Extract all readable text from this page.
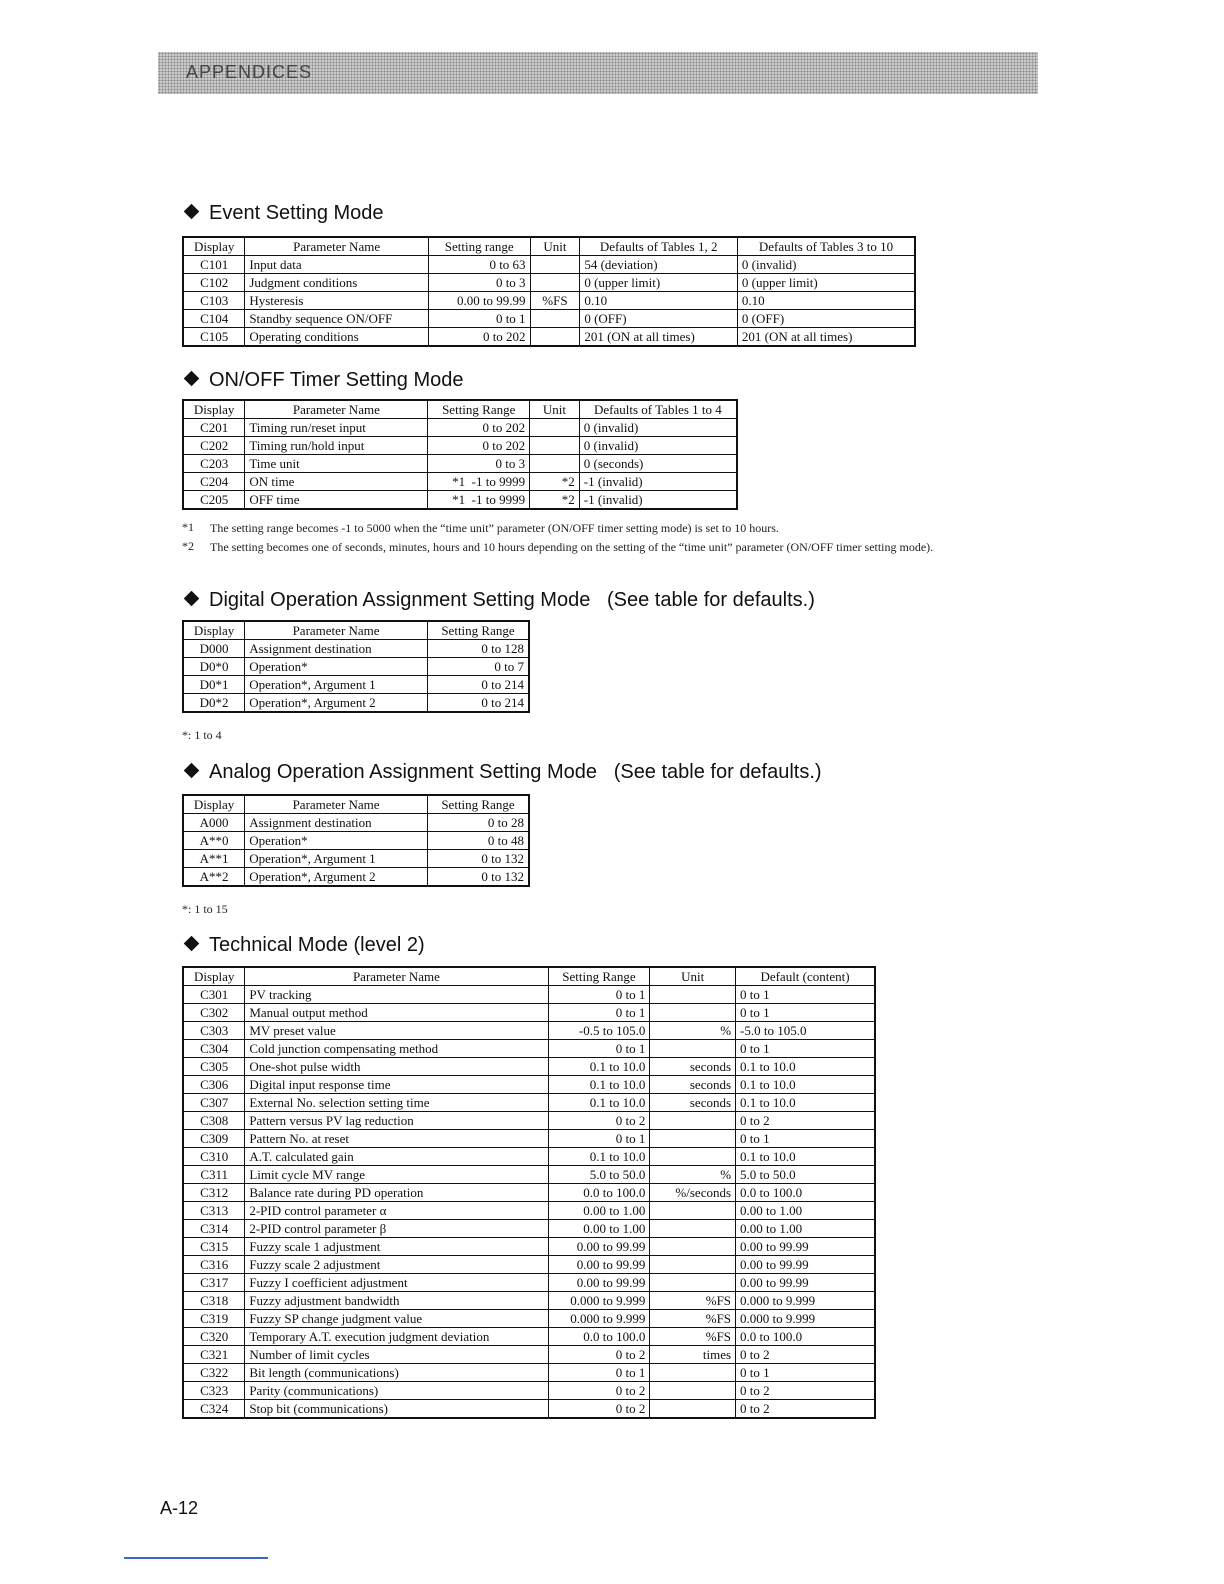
APPENDICES
Event Setting Mode
Display	Parameter Name	Setting range	Unit	Defaults of Tables 1, 2	Defaults of Tables 3 to 10
C101	Input data	0 to 63		54 (deviation)	0 (invalid)
C102	Judgment conditions	0 to 3		0 (upper limit)	0 (upper limit)
C103	Hysteresis	0.00 to 99.99	%FS	0.10	0.10
C104	Standby sequence ON/OFF	0 to 1		0 (OFF)	0 (OFF)
C105	Operating conditions	0 to 202		201 (ON at all times)	201 (ON at all times)
ON/OFF Timer Setting Mode
Display	Parameter Name	Setting Range	Unit	Defaults of Tables 1 to 4
C201	Timing run/reset input	0 to 202		0 (invalid)
C202	Timing run/hold input	0 to 202		0 (invalid)
C203	Time unit	0 to 3		0 (seconds)
C204	ON time	*1  -1 to 9999	*2	-1 (invalid)
C205	OFF time	*1  -1 to 9999	*2	-1 (invalid)
*1 The setting range becomes -1 to 5000 when the “time unit” parameter (ON/OFF timer setting mode) is set to 10 hours.
*2 The setting becomes one of seconds, minutes, hours and 10 hours depending on the setting of the “time unit” parameter (ON/OFF timer setting mode).
Digital Operation Assignment Setting Mode   (See table for defaults.)
Display	Parameter Name	Setting Range
D000	Assignment destination	0 to 128
D0*0	Operation*	0 to 7
D0*1	Operation*, Argument 1	0 to 214
D0*2	Operation*, Argument 2	0 to 214
*: 1 to 4
Analog Operation Assignment Setting Mode   (See table for defaults.)
Display	Parameter Name	Setting Range
A000	Assignment destination	0 to 28
A**0	Operation*	0 to 48
A**1	Operation*, Argument 1	0 to 132
A**2	Operation*, Argument 2	0 to 132
*: 1 to 15
Technical Mode (level 2)
Display	Parameter Name	Setting Range	Unit	Default (content)
C301	PV tracking	0 to 1		0 to 1
C302	Manual output method	0 to 1		0 to 1
C303	MV preset value	-0.5 to 105.0	%	-5.0 to 105.0
C304	Cold junction compensating method	0 to 1		0 to 1
C305	One-shot pulse width	0.1 to 10.0	seconds	0.1 to 10.0
C306	Digital input response time	0.1 to 10.0	seconds	0.1 to 10.0
C307	External No. selection setting time	0.1 to 10.0	seconds	0.1 to 10.0
C308	Pattern versus PV lag reduction	0 to 2		0 to 2
C309	Pattern No. at reset	0 to 1		0 to 1
C310	A.T. calculated gain	0.1 to 10.0		0.1 to 10.0
C311	Limit cycle MV range	5.0 to 50.0	%	5.0 to 50.0
C312	Balance rate during PD operation	0.0 to 100.0	%/seconds	0.0 to 100.0
C313	2-PID control parameter α	0.00 to 1.00		0.00 to 1.00
C314	2-PID control parameter β	0.00 to 1.00		0.00 to 1.00
C315	Fuzzy scale 1 adjustment	0.00 to 99.99		0.00 to 99.99
C316	Fuzzy scale 2 adjustment	0.00 to 99.99		0.00 to 99.99
C317	Fuzzy I coefficient adjustment	0.00 to 99.99		0.00 to 99.99
C318	Fuzzy adjustment bandwidth	0.000 to 9.999	%FS	0.000 to 9.999
C319	Fuzzy SP change judgment value	0.000 to 9.999	%FS	0.000 to 9.999
C320	Temporary A.T. execution judgment deviation	0.0 to 100.0	%FS	0.0 to 100.0
C321	Number of limit cycles	0 to 2	times	0 to 2
C322	Bit length (communications)	0 to 1		0 to 1
C323	Parity (communications)	0 to 2		0 to 2
C324	Stop bit (communications)	0 to 2		0 to 2
A-12
